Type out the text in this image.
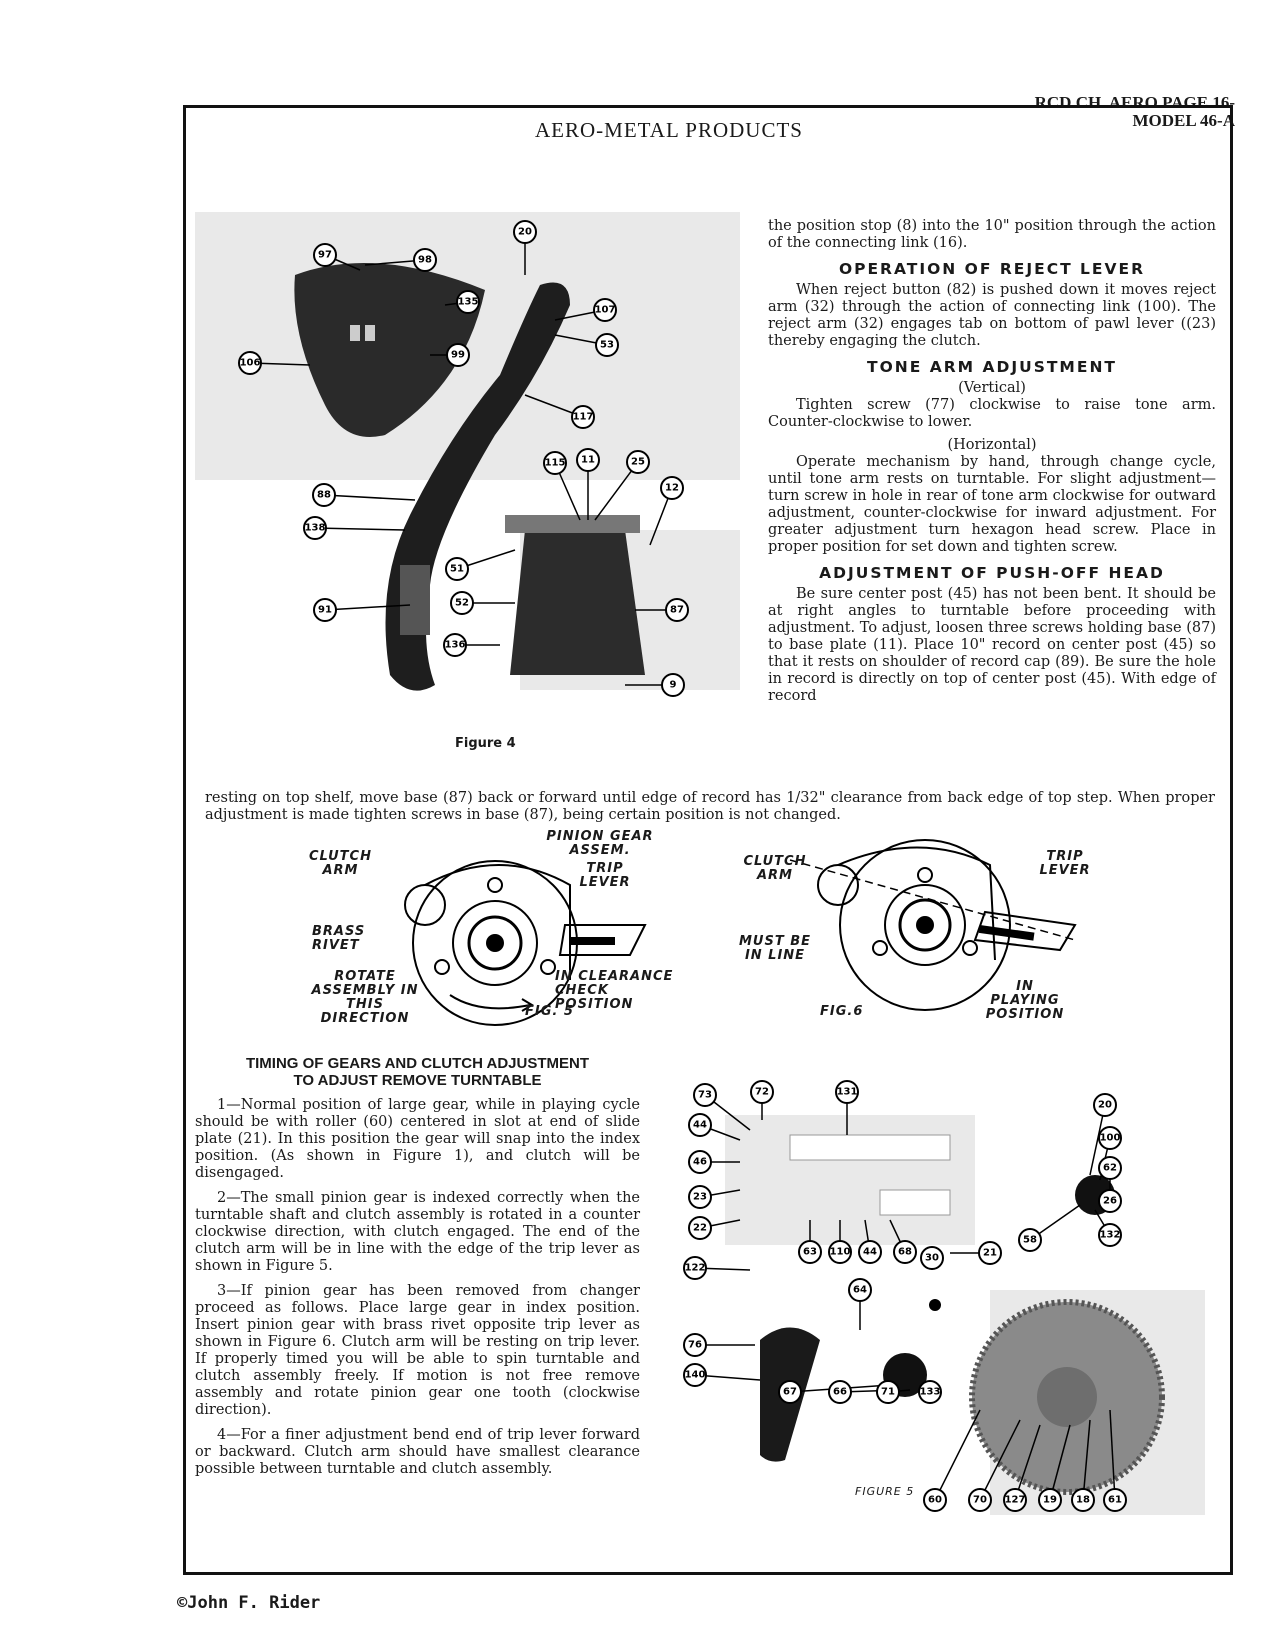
RCD.CH. AERO PAGE 16-
MODEL 46-A
AERO-METAL PRODUCTS
97	98
135
106
99
20
107
53
117
88
138
91
136
115 11	25
12
51
52
87
9
Figure 4

the position stop (8) into the 10" position through the action of the connecting link (16).

OPERATION OF REJECT LEVER

When reject button (82) is pushed down it moves reject arm (32) through the action of connecting link (100). The reject arm (32) engages tab on bottom of pawl lever ((23) thereby engaging the clutch.

TONE ARM ADJUSTMENT
(Vertical)

Tighten screw (77) clockwise to raise tone arm. Counter-clockwise to lower.

(Horizontal)

Operate mechanism by hand, through change cycle, until tone arm rests on turntable. For slight adjustment—turn screw in hole in rear of tone arm clockwise for outward adjustment, counter-clockwise for inward adjustment. For greater adjustment turn hexagon head screw. Place in proper position for set down and tighten screw.

ADJUSTMENT OF PUSH-OFF HEAD

Be sure center post (45) has not been bent. It should be at right angles to turntable before proceeding with adjustment. To adjust, loosen three screws holding base (87) to base plate (11). Place 10" record on center post (45) so that it rests on shoulder of record cap (89). Be sure the hole in record is directly on top of center post (45). With edge of record

resting on top shelf, move base (87) back or forward until edge of record has 1/32" clearance from back edge of top step. When proper adjustment is made tighten screws in base (87), being certain position is not changed.

CLUTCH ARM
PINION GEAR ASSEM.
TRIP LEVER
BRASS RIVET
ROTATE ASSEMBLY IN THIS DIRECTION
IN CLEARANCE CHECK POSITION
FIG. 5
CLUTCH ARM
TRIP LEVER
MUST BE IN LINE
IN PLAYING POSITION
FIG.6
TIMING OF GEARS AND CLUTCH ADJUSTMENT
TO ADJUST REMOVE TURNTABLE

1—Normal position of large gear, while in playing cycle should be with roller (60) centered in slot at end of slide plate (21). In this position the gear will snap into the index position. (As shown in Figure 1), and clutch will be disengaged.

2—The small pinion gear is indexed correctly when the turntable shaft and clutch assembly is rotated in a counter clockwise direction, with clutch engaged. The end of the clutch arm will be in line with the edge of the trip lever as shown in Figure 5.

3—If pinion gear has been removed from changer proceed as follows. Place large gear in index position. Insert pinion gear with brass rivet opposite trip lever as shown in Figure 6. Clutch arm will be resting on trip lever. If properly timed you will be able to spin turntable and clutch assembly freely. If motion is not free remove assembly and rotate pinion gear one tooth (clockwise direction).

4—For a finer adjustment bend end of trip lever forward or backward. Clutch arm should have smallest clearance possible between turntable and clutch assembly.

73	72	131
44
46
23
22
21
63 110 44 68
30
20
100
62
26
132
58
122
76
140
64
67	66	71 133
60	70 127 19 18 61
FIGURE 5
©John F. Rider
